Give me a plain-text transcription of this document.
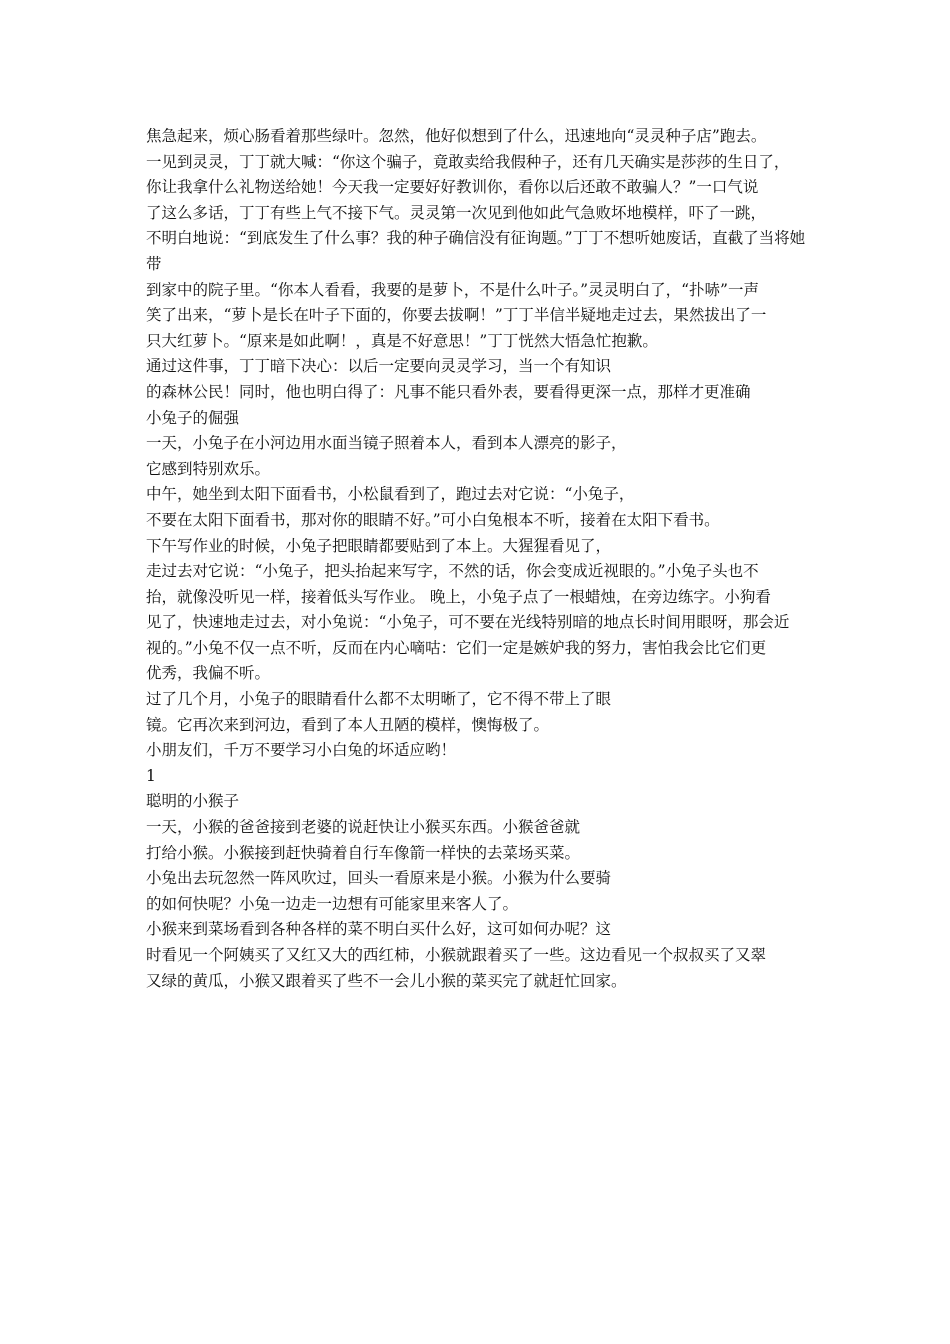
焦急起来，烦心肠看着那些绿叶。忽然，他好似想到了什么，迅速地向“灵灵种子店”跑去。
一见到灵灵，丁丁就大喊：“你这个骗子，竟敢卖给我假种子，还有几天确实是莎莎的生日了，
你让我拿什么礼物送给她！今天我一定要好好教训你，看你以后还敢不敢骗人？”一口气说
了这么多话，丁丁有些上气不接下气。灵灵第一次见到他如此气急败坏地模样，吓了一跳，
不明白地说：“到底发生了什么事？我的种子确信没有征询题。”丁丁不想听她废话，直截了当将她带
到家中的院子里。“你本人看看，我要的是萝卜，不是什么叶子。”灵灵明白了，“扑哧”一声
笑了出来，“萝卜是长在叶子下面的，你要去拔啊！”丁丁半信半疑地走过去，果然拔出了一
只大红萝卜。“原来是如此啊！，真是不好意思！”丁丁恍然大悟急忙抱歉。
通过这件事，丁丁暗下决心：以后一定要向灵灵学习，当一个有知识
的森林公民！同时，他也明白得了：凡事不能只看外表，要看得更深一点，那样才更准确
小兔子的倔强
一天，小兔子在小河边用水面当镜子照着本人，看到本人漂亮的影子，
它感到特别欢乐。
中午，她坐到太阳下面看书，小松鼠看到了，跑过去对它说：“小兔子，
不要在太阳下面看书，那对你的眼睛不好。”可小白兔根本不听，接着在太阳下看书。
下午写作业的时候，小兔子把眼睛都要贴到了本上。大猩猩看见了，
走过去对它说：“小兔子，把头抬起来写字，不然的话，你会变成近视眼的。”小兔子头也不
抬，就像没听见一样，接着低头写作业。 晚上，小兔子点了一根蜡烛，在旁边练字。小狗看
见了，快速地走过去，对小兔说：“小兔子，可不要在光线特别暗的地点长时间用眼呀，那会近
视的。”小兔不仅一点不听，反而在内心嘀咕：它们一定是嫉妒我的努力，害怕我会比它们更
优秀，我偏不听。
过了几个月，小兔子的眼睛看什么都不太明晰了，它不得不带上了眼
镜。它再次来到河边，看到了本人丑陋的模样，懊悔极了。
小朋友们，千万不要学习小白兔的坏适应哟！
1
聪明的小猴子
一天，小猴的爸爸接到老婆的说赶快让小猴买东西。小猴爸爸就
打给小猴。小猴接到赶快骑着自行车像箭一样快的去菜场买菜。
小兔出去玩忽然一阵风吹过，回头一看原来是小猴。小猴为什么要骑
的如何快呢？小兔一边走一边想有可能家里来客人了。
小猴来到菜场看到各种各样的菜不明白买什么好，这可如何办呢？这
时看见一个阿姨买了又红又大的西红柿，小猴就跟着买了一些。这边看见一个叔叔买了又翠
又绿的黄瓜，小猴又跟着买了些不一会儿小猴的菜买完了就赶忙回家。
